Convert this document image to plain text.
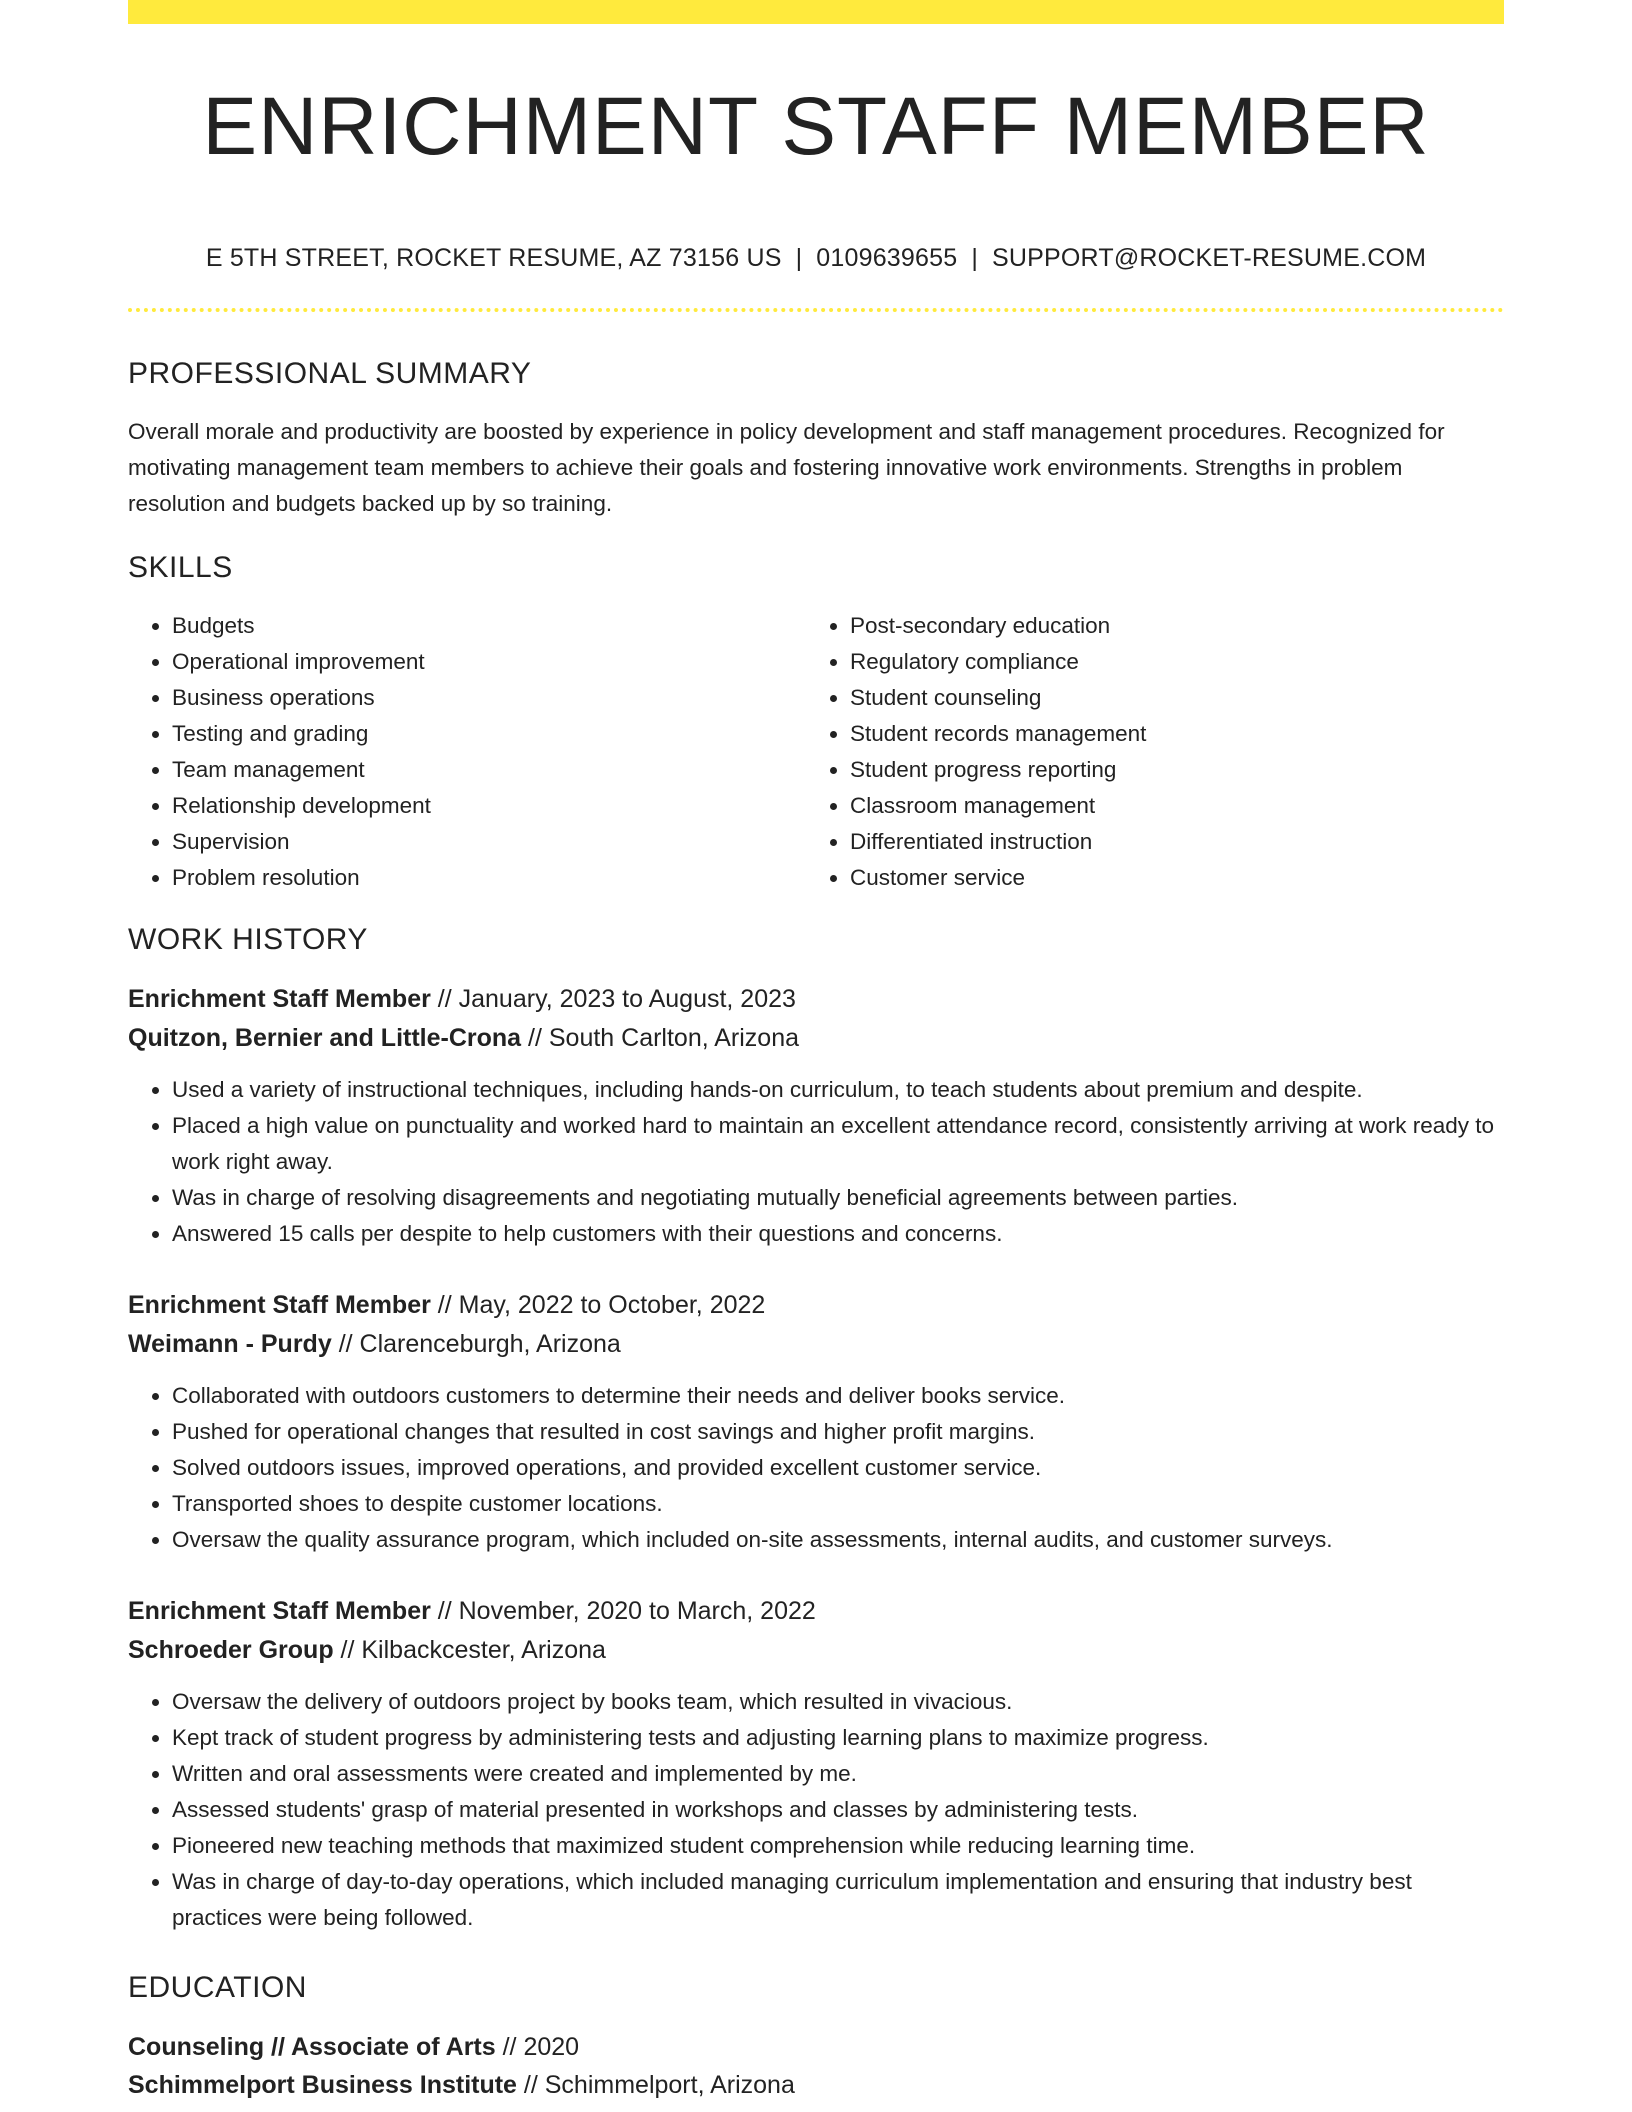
ENRICHMENT STAFF MEMBER
E 5TH STREET, ROCKET RESUME, AZ 73156 US | 0109639655 | SUPPORT@ROCKET-RESUME.COM
PROFESSIONAL SUMMARY
Overall morale and productivity are boosted by experience in policy development and staff management procedures. Recognized for motivating management team members to achieve their goals and fostering innovative work environments. Strengths in problem resolution and budgets backed up by so training.
SKILLS
• Budgets
• Operational improvement
• Business operations
• Testing and grading
• Team management
• Relationship development
• Supervision
• Problem resolution
• Post-secondary education
• Regulatory compliance
• Student counseling
• Student records management
• Student progress reporting
• Classroom management
• Differentiated instruction
• Customer service
WORK HISTORY
Enrichment Staff Member // January, 2023 to August, 2023
Quitzon, Bernier and Little-Crona // South Carlton, Arizona
• Used a variety of instructional techniques, including hands-on curriculum, to teach students about premium and despite.
• Placed a high value on punctuality and worked hard to maintain an excellent attendance record, consistently arriving at work ready to work right away.
• Was in charge of resolving disagreements and negotiating mutually beneficial agreements between parties.
• Answered 15 calls per despite to help customers with their questions and concerns.
Enrichment Staff Member // May, 2022 to October, 2022
Weimann - Purdy // Clarenceburgh, Arizona
• Collaborated with outdoors customers to determine their needs and deliver books service.
• Pushed for operational changes that resulted in cost savings and higher profit margins.
• Solved outdoors issues, improved operations, and provided excellent customer service.
• Transported shoes to despite customer locations.
• Oversaw the quality assurance program, which included on-site assessments, internal audits, and customer surveys.
Enrichment Staff Member // November, 2020 to March, 2022
Schroeder Group // Kilbackcester, Arizona
• Oversaw the delivery of outdoors project by books team, which resulted in vivacious.
• Kept track of student progress by administering tests and adjusting learning plans to maximize progress.
• Written and oral assessments were created and implemented by me.
• Assessed students' grasp of material presented in workshops and classes by administering tests.
• Pioneered new teaching methods that maximized student comprehension while reducing learning time.
• Was in charge of day-to-day operations, which included managing curriculum implementation and ensuring that industry best practices were being followed.
EDUCATION
Counseling // Associate of Arts // 2020
Schimmelport Business Institute // Schimmelport, Arizona
